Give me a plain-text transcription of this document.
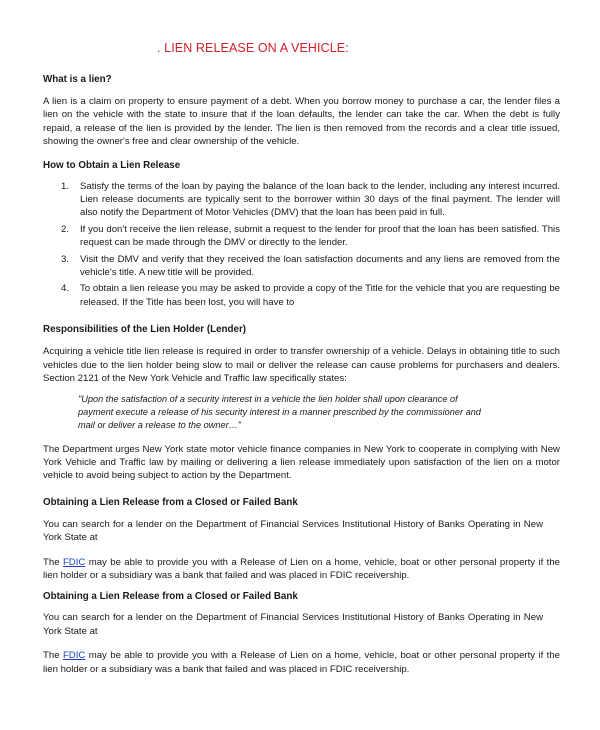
. LIEN RELEASE ON A VEHICLE:
What is a lien?

A lien is a claim on property to ensure payment of a debt. When you borrow money to purchase a car, the lender files a lien on the vehicle with the state to insure that if the loan defaults, the lender can take the car. When the debt is fully repaid, a release of the lien is provided by the lender. The lien is then removed from the records and a clear title issued, showing the owner's free and clear ownership of the vehicle.

How to Obtain a Lien Release
1. Satisfy the terms of the loan by paying the balance of the loan back to the lender, including any interest incurred. Lien release documents are typically sent to the borrower within 30 days of the final payment. The lender will also notify the Department of Motor Vehicles (DMV) that the loan has been paid in full.
2. If you don't receive the lien release, submit a request to the lender for proof that the loan has been satisfied. This request can be made through the DMV or directly to the lender.
3. Visit the DMV and verify that they received the loan satisfaction documents and any liens are removed from the vehicle's title. A new title will be provided.
4. To obtain a lien release you may be asked to provide a copy of the Title for the vehicle that you are requesting be released. If the Title has been lost, you will have to
Responsibilities of the Lien Holder (Lender)

Acquiring a vehicle title lien release is required in order to transfer ownership of a vehicle. Delays in obtaining title to such vehicles due to the lien holder being slow to mail or deliver the release can cause problems for purchasers and dealers. Section 2121 of the New York Vehicle and Traffic law specifically states:

"Upon the satisfaction of a security interest in a vehicle the lien holder shall upon clearance of payment execute a release of his security interest in a manner prescribed by the commissioner and mail or deliver a release to the owner…"

The Department urges New York state motor vehicle finance companies in New York to cooperate in complying with New York Vehicle and Traffic law by mailing or delivering a lien release immediately upon satisfaction of the lien on a motor vehicle to avoid being subject to action by the Department.

Obtaining a Lien Release from a Closed or Failed Bank

You can search for a lender on the Department of Financial Services Institutional History of Banks Operating in New York State at

The FDIC may be able to provide you with a Release of Lien on a home, vehicle, boat or other personal property if the lien holder or a subsidiary was a bank that failed and was placed in FDIC receivership.

Obtaining a Lien Release from a Closed or Failed Bank

You can search for a lender on the Department of Financial Services Institutional History of Banks Operating in New York State at

The FDIC may be able to provide you with a Release of Lien on a home, vehicle, boat or other personal property if the lien holder or a subsidiary was a bank that failed and was placed in FDIC receivership.
